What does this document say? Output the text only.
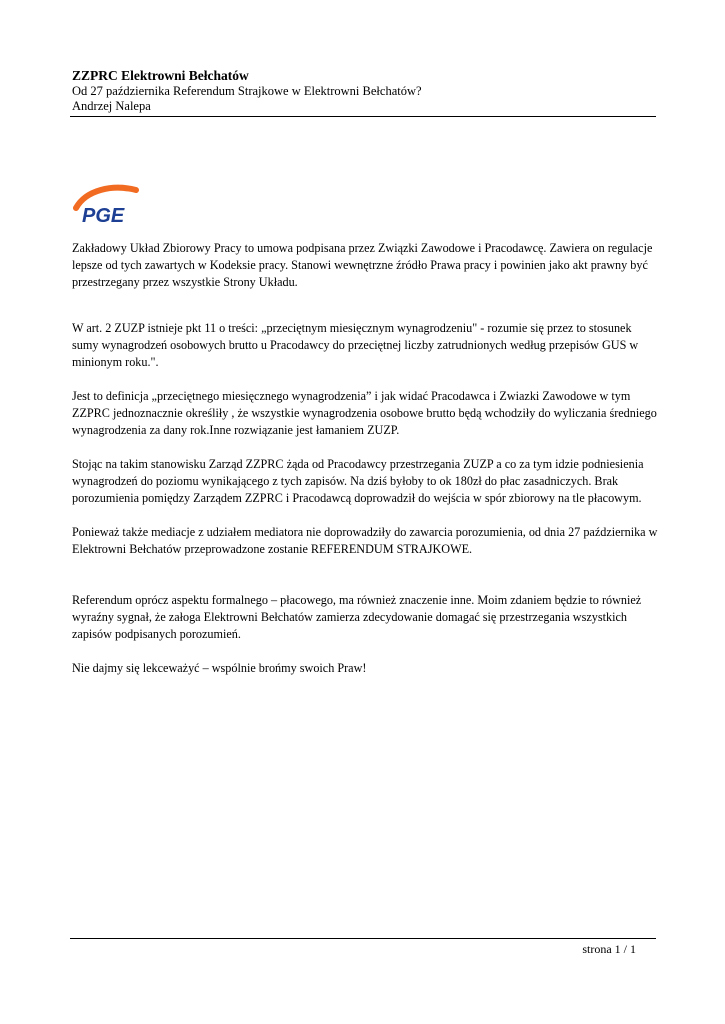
ZZPRC Elektrowni Bełchatów
Od 27 października Referendum Strajkowe w Elektrowni Bełchatów?
Andrzej Nalepa
PGE

Zakładowy Układ Zbiorowy Pracy to umowa podpisana przez Związki Zawodowe i Pracodawcę. Zawiera on regulacje lepsze od tych zawartych w Kodeksie pracy. Stanowi wewnętrzne źródło Prawa pracy i powinien jako akt prawny być przestrzegany przez wszystkie Strony Układu.

W art. 2 ZUZP istnieje pkt 11 o treści: „przeciętnym miesięcznym wynagrodzeniu" - rozumie się przez to stosunek sumy wynagrodzeń osobowych brutto u Pracodawcy do przeciętnej liczby zatrudnionych według przepisów GUS w minionym roku.".

Jest to definicja „przeciętnego miesięcznego wynagrodzenia” i jak widać Pracodawca i Zwiazki Zawodowe w tym ZZPRC jednoznacznie określiły , że wszystkie wynagrodzenia osobowe brutto będą wchodziły do wyliczania średniego wynagrodzenia za dany rok.Inne rozwiązanie jest łamaniem ZUZP.

Stojąc na takim stanowisku Zarząd ZZPRC żąda od Pracodawcy przestrzegania ZUZP a co za tym idzie podniesienia wynagrodzeń do poziomu wynikającego z tych zapisów. Na dziś byłoby to ok 180zł do płac zasadniczych. Brak porozumienia pomiędzy Zarządem ZZPRC i Pracodawcą doprowadził do wejścia w spór zbiorowy na tle płacowym.

Ponieważ także mediacje z udziałem mediatora nie doprowadziły do zawarcia porozumienia, od dnia 27 października w Elektrowni Bełchatów przeprowadzone zostanie REFERENDUM STRAJKOWE.

Referendum oprócz aspektu formalnego – płacowego, ma również znaczenie inne. Moim zdaniem będzie to również wyraźny sygnał, że załoga Elektrowni Bełchatów zamierza zdecydowanie domagać się przestrzegania wszystkich zapisów podpisanych porozumień.

Nie dajmy się lekceważyć – wspólnie brońmy swoich Praw!

strona 1 / 1
